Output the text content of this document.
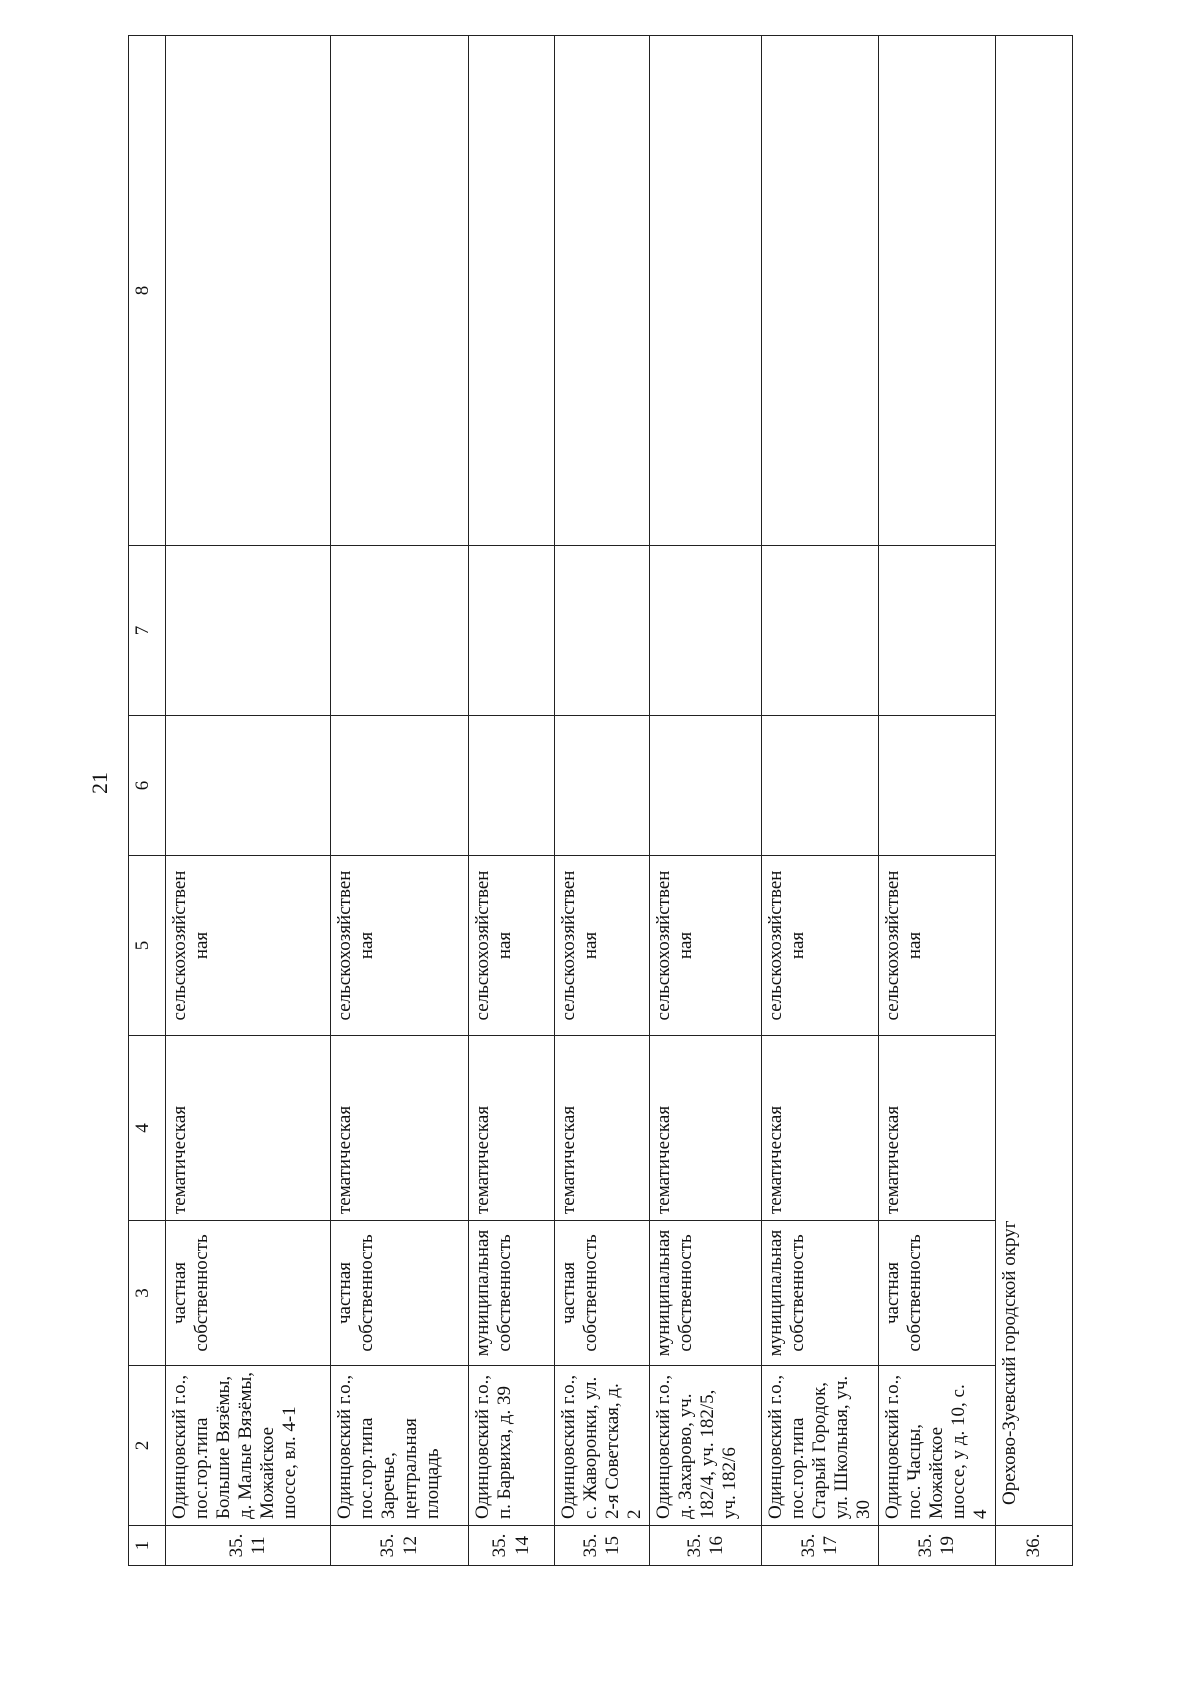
21
1	2	3	4	5	6	7	8
35.11	Одинцовский г.о., пос.гор.типа Большие Вязёмы, д. Малые Вязёмы, Можайское шоссе, вл. 4-1	частная собственность	тематическая	сельскохозяйствен ная			
35.12	Одинцовский г.о., пос.гор.типа Заречье, центральная площадь	частная собственность	тематическая	сельскохозяйствен ная			
35.14	Одинцовский г.о., п. Барвиха, д. 39	муниципальная собственность	тематическая	сельскохозяйствен ная			
35.15	Одинцовский г.о., с. Жаворонки, ул. 2-я Советская, д. 2	частная собственность	тематическая	сельскохозяйствен ная			
35.16	Одинцовский г.о., д. Захарово, уч. 182/4, уч. 182/5, уч. 182/6	муниципальная собственность	тематическая	сельскохозяйствен ная			
35.17	Одинцовский г.о., пос.гор.типа Старый Городок, ул. Школьная, уч. 30	муниципальная собственность	тематическая	сельскохозяйствен ная			
35.19	Одинцовский г.о., пос. Часцы, Можайское шоссе, у д. 10, с. 4	частная собственность	тематическая	сельскохозяйствен ная			
36.	Орехово-Зуевский городской округ						
